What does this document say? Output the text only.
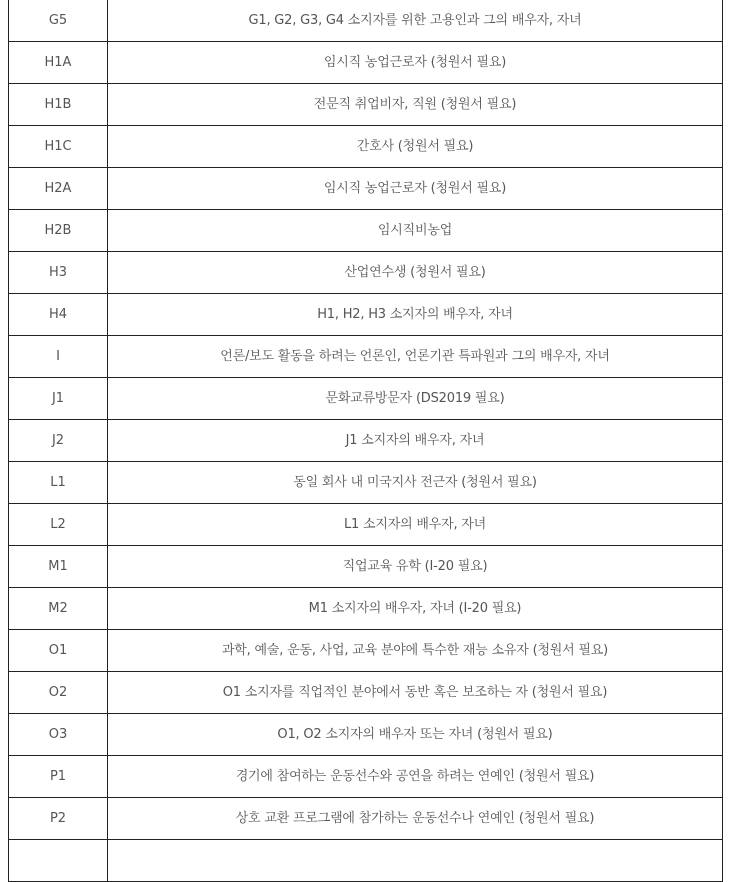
G5	G1, G2, G3, G4 소지자를 위한 고용인과 그의 배우자, 자녀
H1A	임시직 농업근로자 (청원서 필요)
H1B	전문직 취업비자, 직원 (청원서 필요)
H1C	간호사 (청원서 필요)
H2A	임시직 농업근로자 (청원서 필요)
H2B	임시직비농업
H3	산업연수생 (청원서 필요)
H4	H1, H2, H3 소지자의 배우자, 자녀
I	언론/보도 활동을 하려는 언론인, 언론기관 특파원과 그의 배우자, 자녀
J1	문화교류방문자 (DS2019 필요)
J2	J1 소지자의 배우자, 자녀
L1	동일 회사 내 미국지사 전근자 (청원서 필요)
L2	L1 소지자의 배우자, 자녀
M1	직업교육 유학 (I-20 필요)
M2	M1 소지자의 배우자, 자녀 (I-20 필요)
O1	과학, 예술, 운동, 사업, 교육 분야에 특수한 재능 소유자 (청원서 필요)
O2	O1 소지자를 직업적인 분야에서 동반 혹은 보조하는 자 (청원서 필요)
O3	O1, O2 소지자의 배우자 또는 자녀 (청원서 필요)
P1	경기에 참여하는 운동선수와 공연을 하려는 연예인 (청원서 필요)
P2	상호 교환 프로그램에 참가하는 운동선수나 연예인 (청원서 필요)
